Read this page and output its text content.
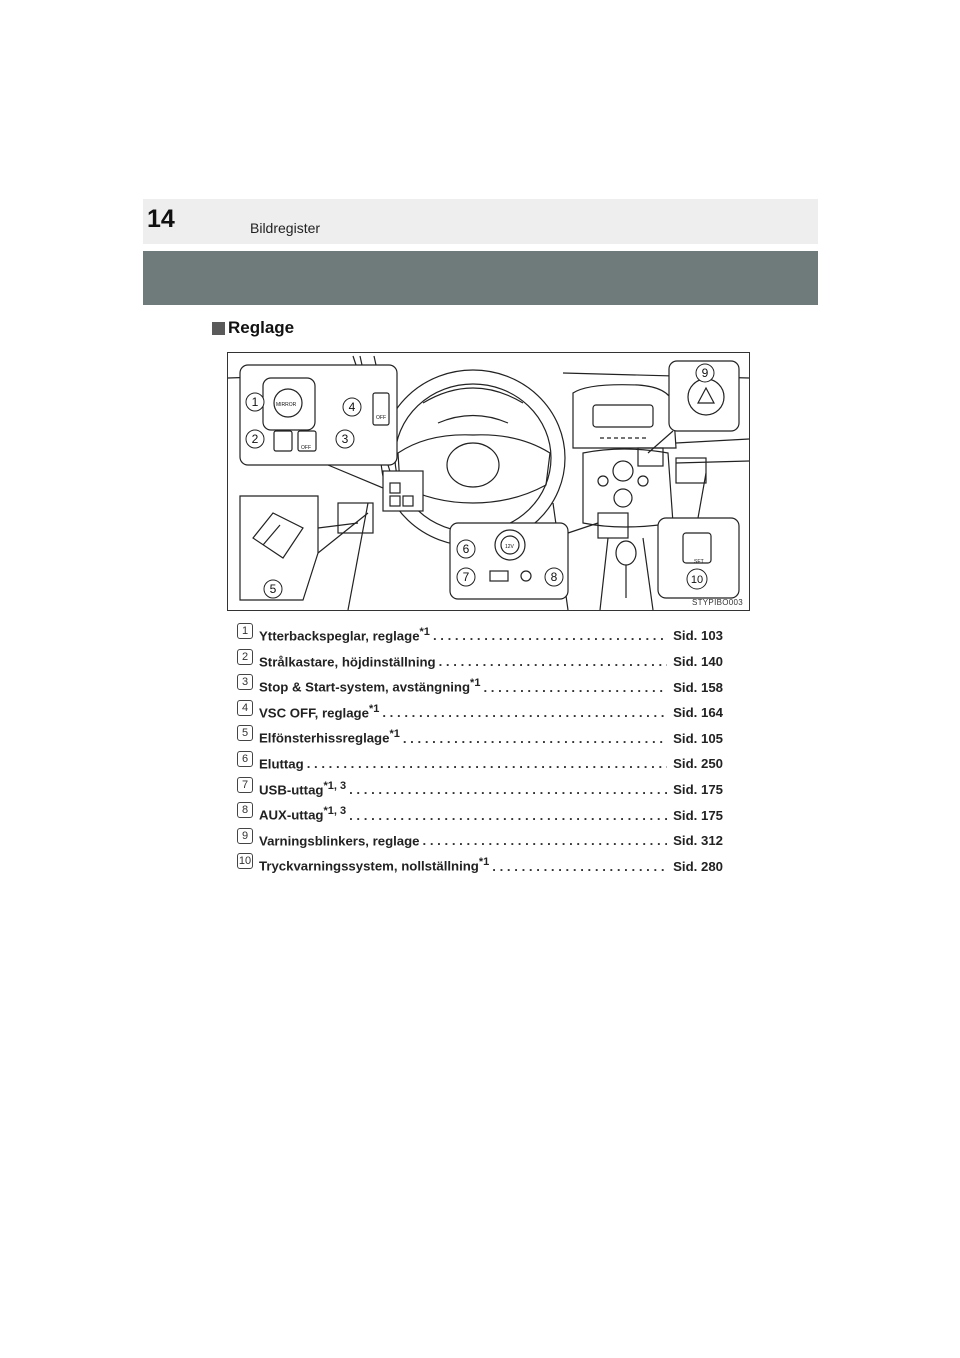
14	Bildregister
Reglage
1
2	3
4
5
6
7	8
9
10
MIRROR
OFF
OFF
12V
SET
STYPIBO003
1 Ytterbackspeglar, reglage$^{*1}$ . . .	Sid. 103
2 Strålkastare, höjdinställning . . .	Sid. 140
3 Stop & Start-system, avstängning$^{*1}$ . . .	Sid. 158
4 VSC OFF, reglage$^{*1}$ . . .	Sid. 164
5 Elfönsterhissreglage$^{*1}$ . . .	Sid. 105
6 Eluttag . . .	Sid. 250
7 USB-uttag$^{*1, 3}$ . . .	Sid. 175
8 AUX-uttag$^{*1, 3}$ . . .	Sid. 175
9 Varningsblinkers, reglage . . .	Sid. 312
10 Tryckvarningssystem, nollställning$^{*1}$ . . .	Sid. 280
